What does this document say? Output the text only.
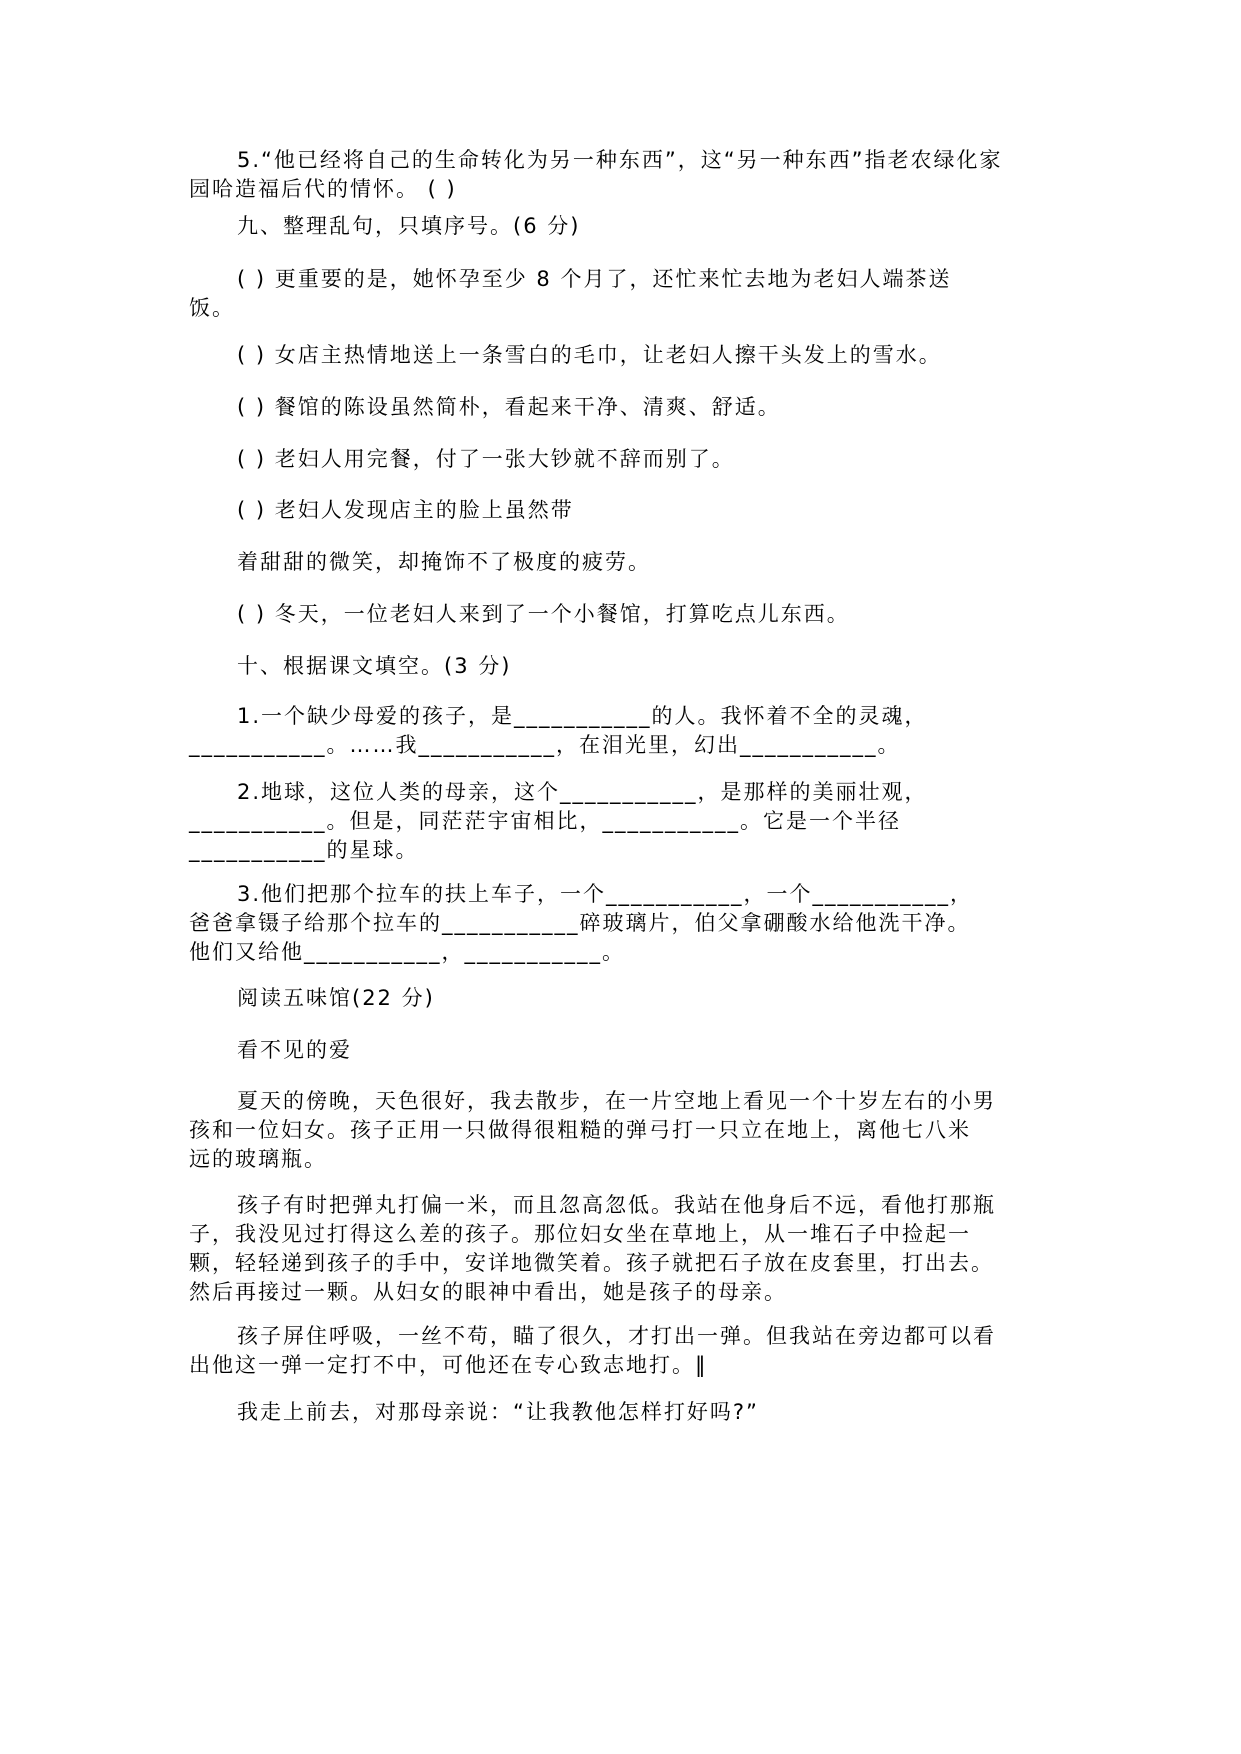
5.“他已经将自己的生命转化为另一种东西”，这“另一种东西”指老农绿化家
园哈造福后代的情怀。 ( )
九、整理乱句，只填序号。(6 分)
( ) 更重要的是，她怀孕至少 8 个月了，还忙来忙去地为老妇人端茶送
饭。
( ) 女店主热情地送上一条雪白的毛巾，让老妇人擦干头发上的雪水。
( ) 餐馆的陈设虽然简朴，看起来干净、清爽、舒适。
( ) 老妇人用完餐，付了一张大钞就不辞而别了。
( ) 老妇人发现店主的脸上虽然带
着甜甜的微笑，却掩饰不了极度的疲劳。
( ) 冬天，一位老妇人来到了一个小餐馆，打算吃点儿东西。
十、根据课文填空。(3 分)
1.一个缺少母爱的孩子，是___________的人。我怀着不全的灵魂，
___________。……我___________，在泪光里，幻出___________。
2.地球，这位人类的母亲，这个___________，是那样的美丽壮观，
___________。但是，同茫茫宇宙相比，___________。它是一个半径
___________的星球。
3.他们把那个拉车的扶上车子，一个___________，一个___________，
爸爸拿镊子给那个拉车的___________碎玻璃片，伯父拿硼酸水给他洗干净。
他们又给他___________，___________。
阅读五味馆(22 分)
看不见的爱
夏天的傍晚，天色很好，我去散步，在一片空地上看见一个十岁左右的小男
孩和一位妇女。孩子正用一只做得很粗糙的弹弓打一只立在地上，离他七八米
远的玻璃瓶。
孩子有时把弹丸打偏一米，而且忽高忽低。我站在他身后不远，看他打那瓶
子，我没见过打得这么差的孩子。那位妇女坐在草地上，从一堆石子中捡起一
颗，轻轻递到孩子的手中，安详地微笑着。孩子就把石子放在皮套里，打出去。
然后再接过一颗。从妇女的眼神中看出，她是孩子的母亲。
孩子屏住呼吸，一丝不苟，瞄了很久，才打出一弹。但我站在旁边都可以看
出他这一弹一定打不中，可他还在专心致志地打。‖
我走上前去，对那母亲说：“让我教他怎样打好吗?”
